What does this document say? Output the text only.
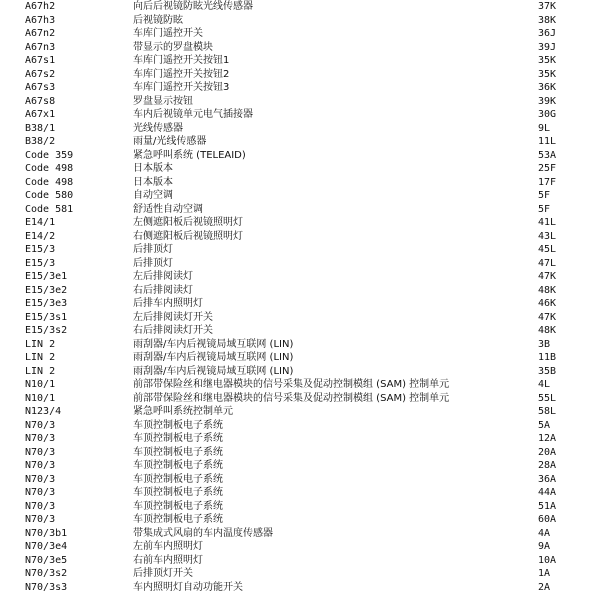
A67h2	向后后视镜防眩光线传感器	37K
A67h3	后视镜防眩	38K
A67n2	车库门遥控开关	36J
A67n3	带显示的罗盘模块	39J
A67s1	车库门遥控开关按钮1	35K
A67s2	车库门遥控开关按钮2	35K
A67s3	车库门遥控开关按钮3	36K
A67s8	罗盘显示按钮	39K
A67x1	车内后视镜单元电气插接器	30G
B38/1	光线传感器	9L
B38/2	雨量/光线传感器	11L
Code 359	紧急呼叫系统 (TELEAID)	53A
Code 498	日本版本	25F
Code 498	日本版本	17F
Code 580	自动空调	5F
Code 581	舒适性自动空调	5F
E14/1	左侧遮阳板后视镜照明灯	41L
E14/2	右侧遮阳板后视镜照明灯	43L
E15/3	后排顶灯	45L
E15/3	后排顶灯	47L
E15/3e1	左后排阅读灯	47K
E15/3e2	右后排阅读灯	48K
E15/3e3	后排车内照明灯	46K
E15/3s1	左后排阅读灯开关	47K
E15/3s2	右后排阅读灯开关	48K
LIN 2	雨刮器/车内后视镜局域互联网 (LIN)	3B
LIN 2	雨刮器/车内后视镜局域互联网 (LIN)	11B
LIN 2	雨刮器/车内后视镜局域互联网 (LIN)	35B
N10/1	前部带保险丝和继电器模块的信号采集及促动控制模组 (SAM) 控制单元	4L
N10/1	前部带保险丝和继电器模块的信号采集及促动控制模组 (SAM) 控制单元	55L
N123/4	紧急呼叫系统控制单元	58L
N70/3	车顶控制板电子系统	5A
N70/3	车顶控制板电子系统	12A
N70/3	车顶控制板电子系统	20A
N70/3	车顶控制板电子系统	28A
N70/3	车顶控制板电子系统	36A
N70/3	车顶控制板电子系统	44A
N70/3	车顶控制板电子系统	51A
N70/3	车顶控制板电子系统	60A
N70/3b1	带集成式风扇的车内温度传感器	4A
N70/3e4	左前车内照明灯	9A
N70/3e5	右前车内照明灯	10A
N70/3s2	后排顶灯开关	1A
N70/3s3	车内照明灯自动功能开关	2A
